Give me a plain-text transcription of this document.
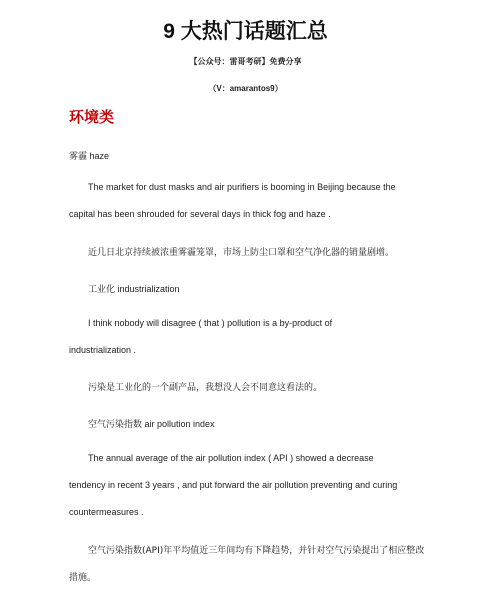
9 大热门话题汇总
【公众号：雷哥考研】免费分享
（V：amarantos9）
环境类
雾霾 haze
The market for dust masks and air purifiers is booming in Beijing because the
capital has been shrouded for several days in thick fog and haze .
近几日北京持续被浓重雾霾笼罩，市场上防尘口罩和空气净化器的销量剧增。
工业化 industrialization
I think nobody will disagree ( that ) pollution is a by-product of
industrialization .
污染是工业化的一个副产品，我想没人会不同意这看法的。
空气污染指数 air pollution index
The annual average of the air pollution index ( API ) showed a decrease
tendency in recent 3 years , and put forward the air pollution preventing and curing
countermeasures .
空气污染指数(API)年平均值近三年间均有下降趋势，并针对空气污染提出了相应整改
措施。
